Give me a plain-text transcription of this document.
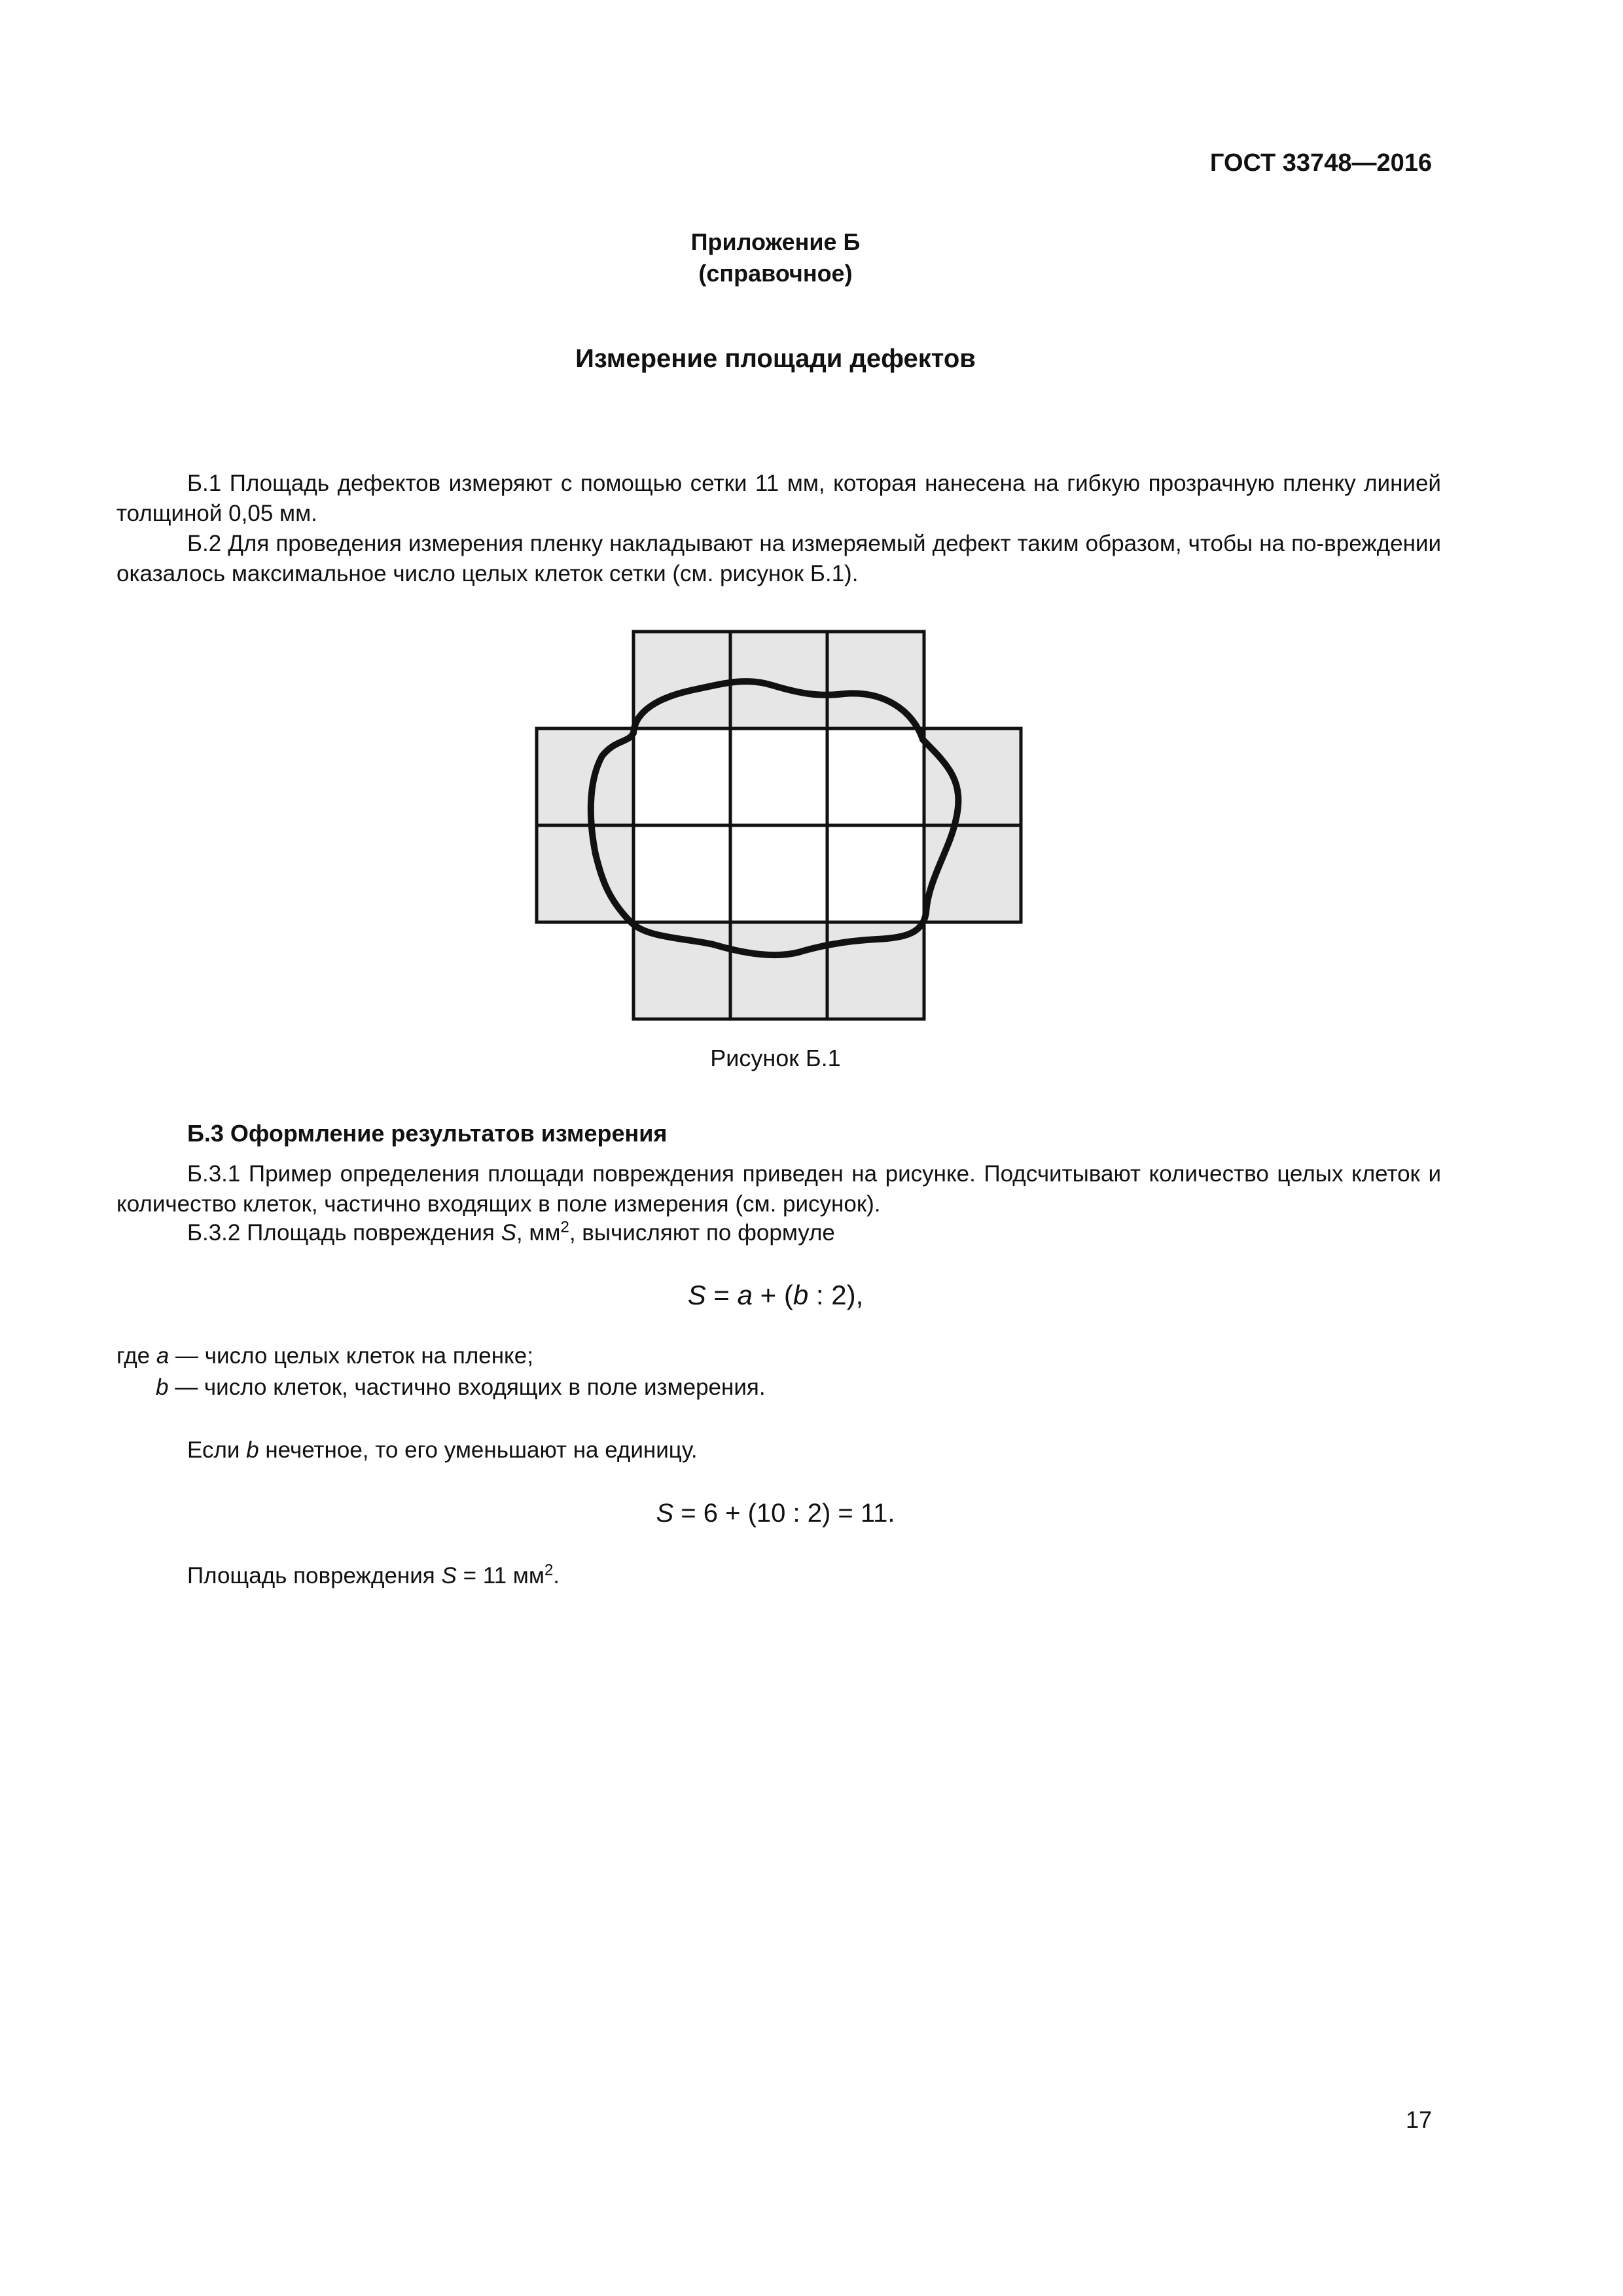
ГОСТ 33748—2016
Приложение Б
(справочное)
Измерение площади дефектов
Б.1 Площадь дефектов измеряют с помощью сетки 11 мм, которая нанесена на гибкую прозрачную пленку линией толщиной 0,05 мм.
Б.2 Для проведения измерения пленку накладывают на измеряемый дефект таким образом, чтобы на по-вреждении оказалось максимальное число целых клеток сетки (см. рисунок Б.1).
Рисунок Б.1
Б.3 Оформление результатов измерения
Б.3.1 Пример определения площади повреждения приведен на рисунке. Подсчитывают количество целых клеток и количество клеток, частично входящих в поле измерения (см. рисунок).
Б.3.2 Площадь повреждения S, $мм^2$, вычисляют по формуле
S = a + (b : 2),
где a — число целых клеток на пленке;
b — число клеток, частично входящих в поле измерения.
Если b нечетное, то его уменьшают на единицу.
S = 6 + (10 : 2) = 11.
Площадь повреждения S = 11 $мм^2$.
17
